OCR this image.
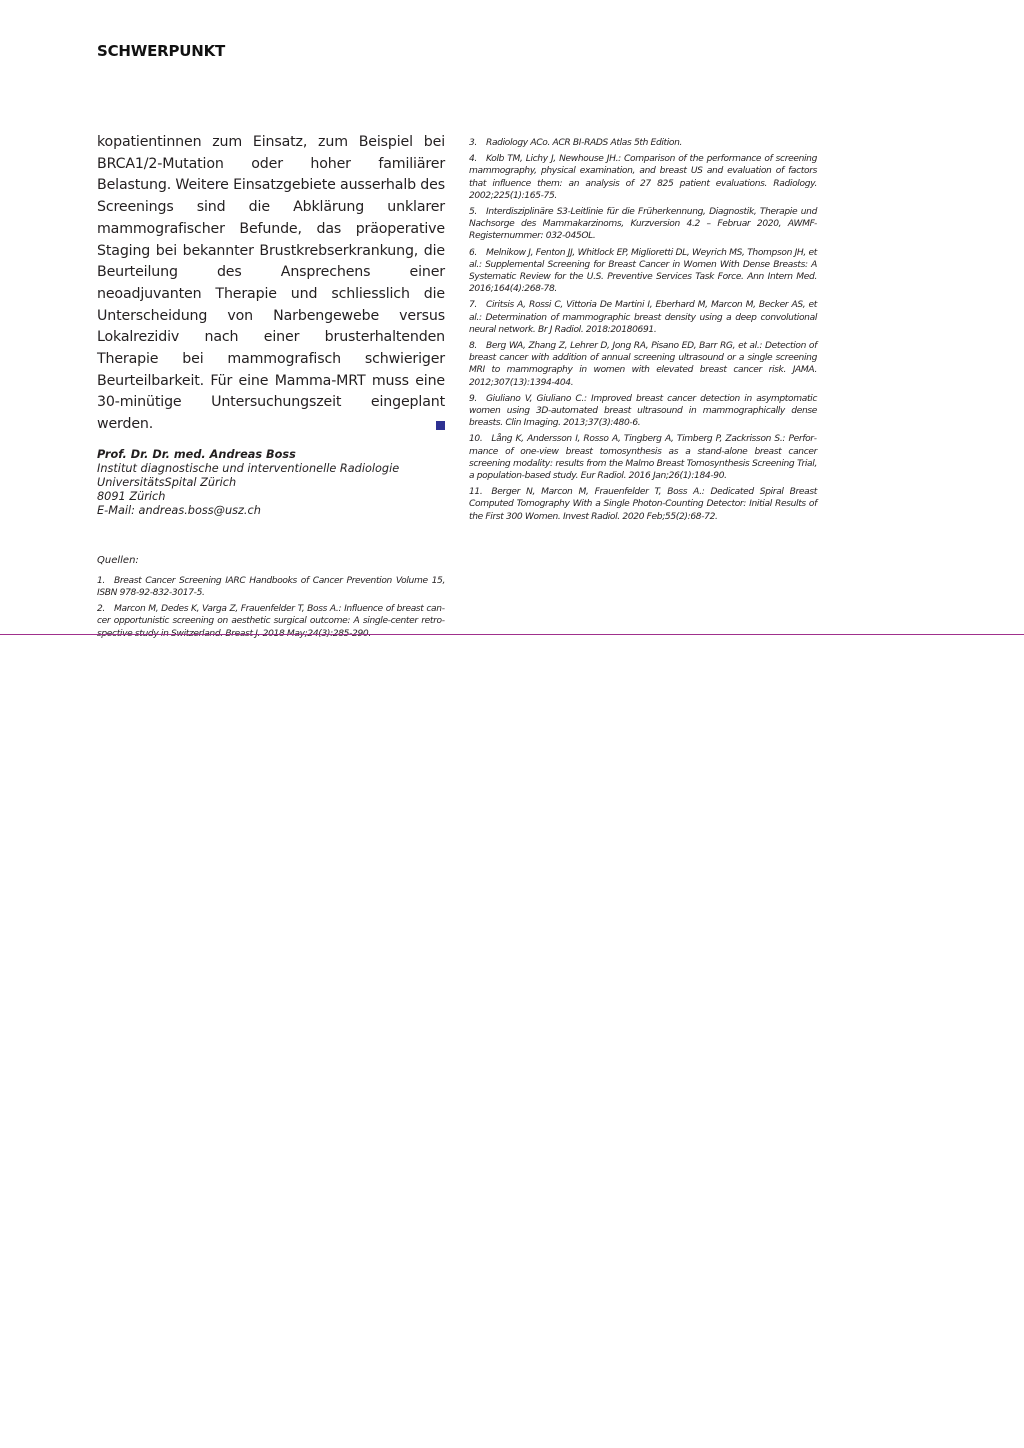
SCHWERPUNKT

kopatientinnen zum Einsatz, zum Beispiel bei BRCA1/2-Mutation oder hoher familiärer Belastung. Weitere Einsatzgebiete ausserhalb des Screenings sind die Abklärung unklarer mammografischer Befunde, das präoperative Staging bei bekannter Brustkrebserkrankung, die Beurteilung des Ansprechens einer neoadjuvanten Therapie und schliesslich die Unterscheidung von Narbengewebe versus Lokalrezidiv nach einer brusterhaltenden Therapie bei mammografisch schwieriger Beurteilbarkeit. Für eine Mamma-MRT muss eine 30-minütige Untersuchungszeit eingeplant werden.

Prof. Dr. Dr. med. Andreas Boss
Institut diagnostische und interventionelle Radiologie
UniversitätsSpital Zürich
8091 Zürich
E-Mail: andreas.boss@usz.ch
Quellen:
1. Breast Cancer Screening IARC Handbooks of Cancer Prevention Volume 15, ISBN 978-92-832-3017-5.
2. Marcon M, Dedes K, Varga Z, Frauenfelder T, Boss A.: Influence of breast cancer opportunistic screening on aesthetic surgical outcome: A single-center retro
3. Radiology ACo. ACR BI-RADS Atlas 5th Edition.
4. Kolb TM, Lichy J, Newhouse JH.: Comparison of the performance of screening mammography, physical examination, and breast US and evaluation of factors that influence them: an analysis of 27 825 patient evaluations. Radiology. 2002;225(1):165-75.
5. Interdisziplinäre S3-Leitlinie für die Früherkennung, Diagnostik, Therapie und Nachsorge des Mammakarzinoms, Kurzversion 4.2 – Februar 2020, AWMF-Registernummer: 032-045OL.
6. Melnikow J, Fenton JJ, Whitlock EP, Miglioretti DL, Weyrich MS, Thompson JH, et al.: Supplemental Screening for Breast Cancer in Women With Dense Breasts: A Systematic Review for the U.S. Preventive Services Task Force. Ann Intern Med. 2016;164(4):268-78.
7. Ciritsis A, Rossi C, Vittoria De Martini I, Eberhard M, Marcon M, Becker AS, et al.: Determination of mammographic breast density using a deep convolutional neural network. Br J Radiol. 2018:20180691.
8. Berg WA, Zhang Z, Lehrer D, Jong RA, Pisano ED, Barr RG, et al.: Detection of breast cancer with addition of annual screening ultrasound or a single screening MRI to mammography in women with elevated breast cancer risk. JAMA. 2012;307(13):1394-404.
9. Giuliano V, Giuliano C.: Improved breast cancer detection in asymptomatic women using 3D-automated breast ultrasound in mammographically dense breasts. Clin Imaging. 2013;37(3):480-6.
10. Lång K, Andersson I, Rosso A, Tingberg A, Timberg P, Zackrisson S.: Performance of one-view breast tomosynthesis as a stand-alone breast cancer screening modality: results from the Malmo Breast Tomosynthesis Screening Trial, a population-based study. Eur Radiol. 2016 Jan;26(1):184-90.
11. Berger N, Marcon M, Frauenfelder T, Boss A.: Dedicated Spiral Breast Computed Tomography With a Single Photon-Counting Detector: Initial Results of the First 300 Women. Invest Radiol. 2020 Feb;55(2):68-72.
